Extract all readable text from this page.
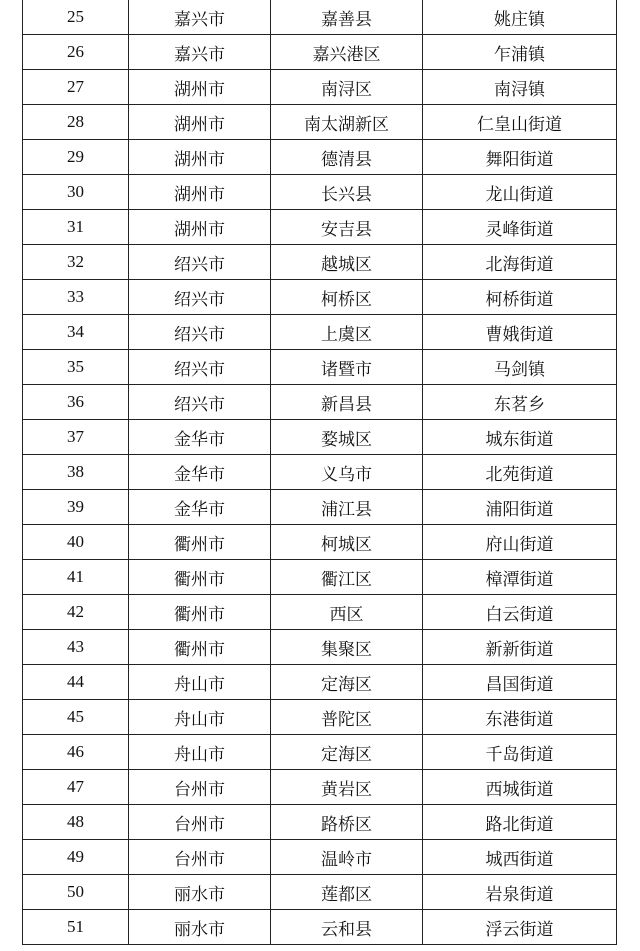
25	嘉兴市	嘉善县	姚庄镇
26	嘉兴市	嘉兴港区	乍浦镇
27	湖州市	南浔区	南浔镇
28	湖州市	南太湖新区	仁皇山街道
29	湖州市	德清县	舞阳街道
30	湖州市	长兴县	龙山街道
31	湖州市	安吉县	灵峰街道
32	绍兴市	越城区	北海街道
33	绍兴市	柯桥区	柯桥街道
34	绍兴市	上虞区	曹娥街道
35	绍兴市	诸暨市	马剑镇
36	绍兴市	新昌县	东茗乡
37	金华市	婺城区	城东街道
38	金华市	义乌市	北苑街道
39	金华市	浦江县	浦阳街道
40	衢州市	柯城区	府山街道
41	衢州市	衢江区	樟潭街道
42	衢州市	西区	白云街道
43	衢州市	集聚区	新新街道
44	舟山市	定海区	昌国街道
45	舟山市	普陀区	东港街道
46	舟山市	定海区	千岛街道
47	台州市	黄岩区	西城街道
48	台州市	路桥区	路北街道
49	台州市	温岭市	城西街道
50	丽水市	莲都区	岩泉街道
51	丽水市	云和县	浮云街道
